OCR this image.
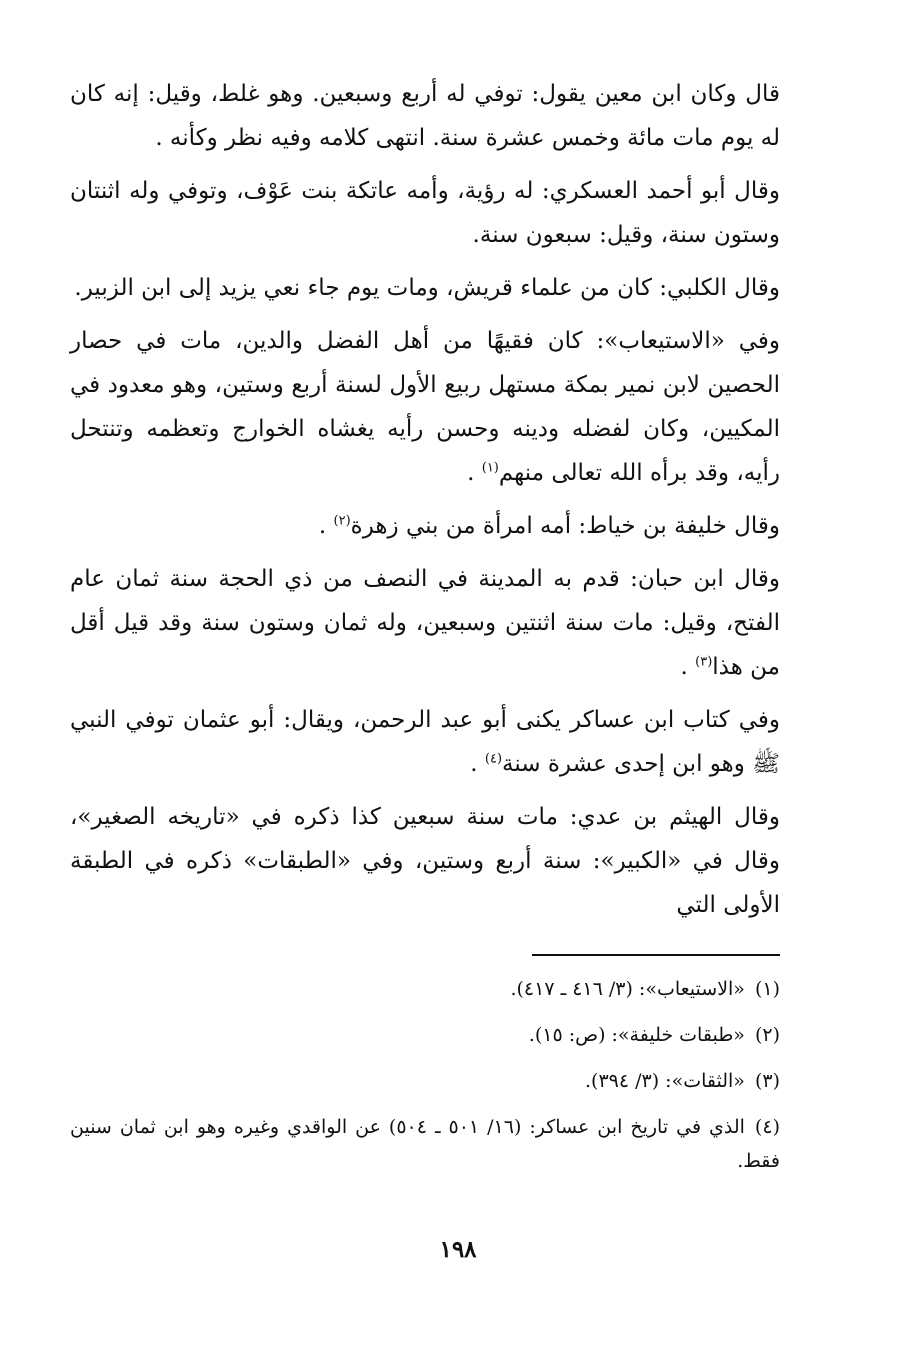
قال وكان ابن معين يقول: توفي له أربع وسبعين. وهو غلط، وقيل: إنه كان له يوم مات مائة وخمس عشرة سنة. انتهى كلامه وفيه نظر وكأنه .

وقال أبو أحمد العسكري: له رؤية، وأمه عاتكة بنت عَوْف، وتوفي وله اثنتان وستون سنة، وقيل: سبعون سنة.

وقال الكلبي: كان من علماء قريش، ومات يوم جاء نعي يزيد إلى ابن الزبير.

وفي «الاستيعاب»: كان فقيهًا من أهل الفضل والدين، مات في حصار الحصين لابن نمير بمكة مستهل ربيع الأول لسنة أربع وستين، وهو معدود في المكيين، وكان لفضله ودينه وحسن رأيه يغشاه الخوارج وتعظمه وتنتحل رأيه، وقد برأه الله تعالى منهم$^{(١)}$ .

وقال خليفة بن خياط: أمه امرأة من بني زهرة$^{(٢)}$ .

وقال ابن حبان: قدم به المدينة في النصف من ذي الحجة سنة ثمان عام الفتح، وقيل: مات سنة اثنتين وسبعين، وله ثمان وستون سنة وقد قيل أقل من هذا$^{(٣)}$ .

وفي كتاب ابن عساكر يكنى أبو عبد الرحمن، ويقال: أبو عثمان توفي النبي ﷺ وهو ابن إحدى عشرة سنة$^{(٤)}$ .

وقال الهيثم بن عدي: مات سنة سبعين كذا ذكره في «تاريخه الصغير»، وقال في «الكبير»: سنة أربع وستين، وفي «الطبقات» ذكره في الطبقة الأولى التي

(١)«الاستيعاب»: (٣/ ٤١٦ ـ ٤١٧).

(٢)«طبقات خليفة»: (ص: ١٥).

(٣)«الثقات»: (٣/ ٣٩٤).

(٤)الذي في تاريخ ابن عساكر: (١٦/ ٥٠١ ـ ٥٠٤) عن الواقدي وغيره وهو ابن ثمان سنين فقط.

١٩٨
